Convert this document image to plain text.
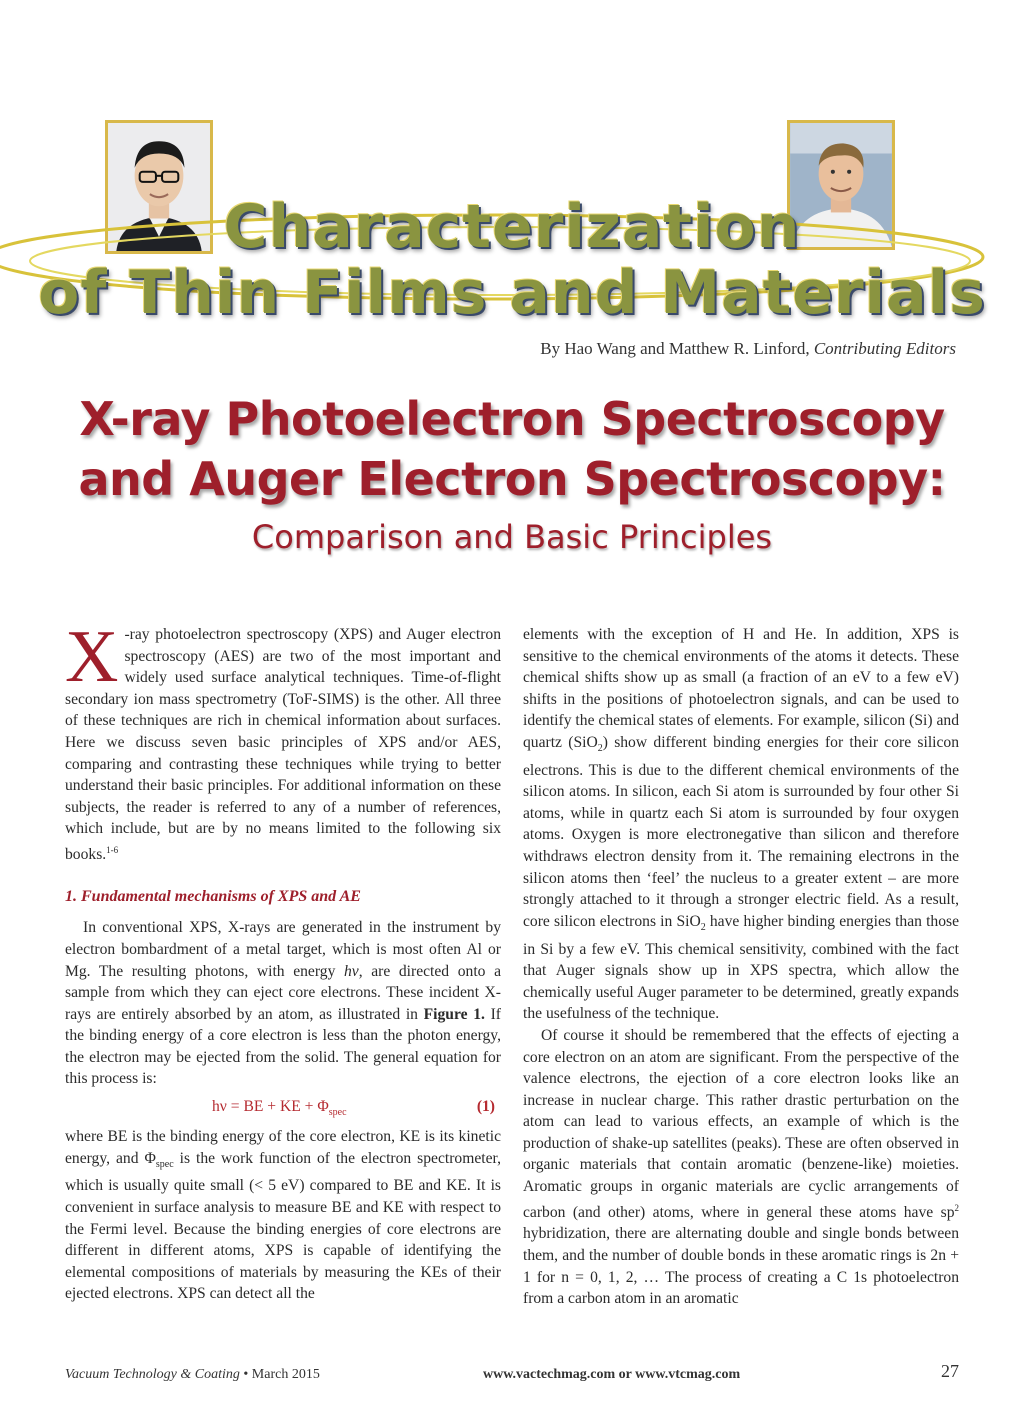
Characterization
of Thin Films and Materials
By Hao Wang and Matthew R. Linford, Contributing Editors
X-ray Photoelectron Spectroscopy
and Auger Electron Spectroscopy:
Comparison and Basic Principles

X -ray photoelectron spectroscopy (XPS) and Auger electron spectroscopy (AES) are two of the most important and widely used surface analytical techniques. Time-of-flight secondary ion mass spectrometry (ToF-SIMS) is the other. All three of these techniques are rich in chemical information about surfaces. Here we discuss seven basic principles of XPS and/or AES, comparing and contrasting these techniques while trying to better understand their basic principles. For additional information on these subjects, the reader is referred to any of a number of references, which include, but are by no means limited to the following six books.$^{1-6}$

1. Fundamental mechanisms of XPS and AE

In conventional XPS, X-rays are generated in the instrument by electron bombardment of a metal target, which is most often Al or Mg. The resulting photons, with energy hv, are directed onto a sample from which they can eject core electrons. These incident X-rays are entirely absorbed by an atom, as illustrated in Figure 1. If the binding energy of a core electron is less than the photon energy, the electron may be ejected from the solid. The general equation for this process is:

hν = BE + KE + $\Phi_{spec}$	(1)

where BE is the binding energy of the core electron, KE is its kinetic energy, and $\Phi_{spec}$ is the work function of the electron spectrometer, which is usually quite small (< 5 eV) compared to BE and KE. It is convenient in surface analysis to measure BE and KE with respect to the Fermi level. Because the binding energies of core electrons are different in different atoms, XPS is capable of identifying the elemental compositions of materials by measuring the KEs of their ejected electrons. XPS can detect all the

elements with the exception of H and He. In addition, XPS is sensitive to the chemical environments of the atoms it detects. These chemical shifts show up as small (a fraction of an eV to a few eV) shifts in the positions of photoelectron signals, and can be used to identify the chemical states of elements. For example, silicon (Si) and quartz (SiO$_2$) show different binding energies for their core silicon electrons. This is due to the different chemical environments of the silicon atoms. In silicon, each Si atom is surrounded by four other Si atoms, while in quartz each Si atom is surrounded by four oxygen atoms. Oxygen is more electronegative than silicon and therefore withdraws electron density from it. The remaining electrons in the silicon atoms then ‘feel’ the nucleus to a greater extent – are more strongly attached to it through a stronger electric field. As a result, core silicon electrons in SiO$_2$ have higher binding energies than those in Si by a few eV. This chemical sensitivity, combined with the fact that Auger signals show up in XPS spectra, which allow the chemically useful Auger parameter to be determined, greatly expands the usefulness of the technique.

Of course it should be remembered that the effects of ejecting a core electron on an atom are significant. From the perspective of the valence electrons, the ejection of a core electron looks like an increase in nuclear charge. This rather drastic perturbation on the atom can lead to various effects, an example of which is the production of shake-up satellites (peaks). These are often observed in organic materials that contain aromatic (benzene-like) moieties. Aromatic groups in organic materials are cyclic arrangements of carbon (and other) atoms, where in general these atoms have $sp^2$ hybridization, there are alternating double and single bonds between them, and the number of double bonds in these aromatic rings is 2n + 1 for n = 0, 1, 2, … The process of creating a C 1s photoelectron from a carbon atom in an aromatic

Vacuum Technology & Coating • March 2015	www.vactechmag.com or www.vtcmag.com	27
